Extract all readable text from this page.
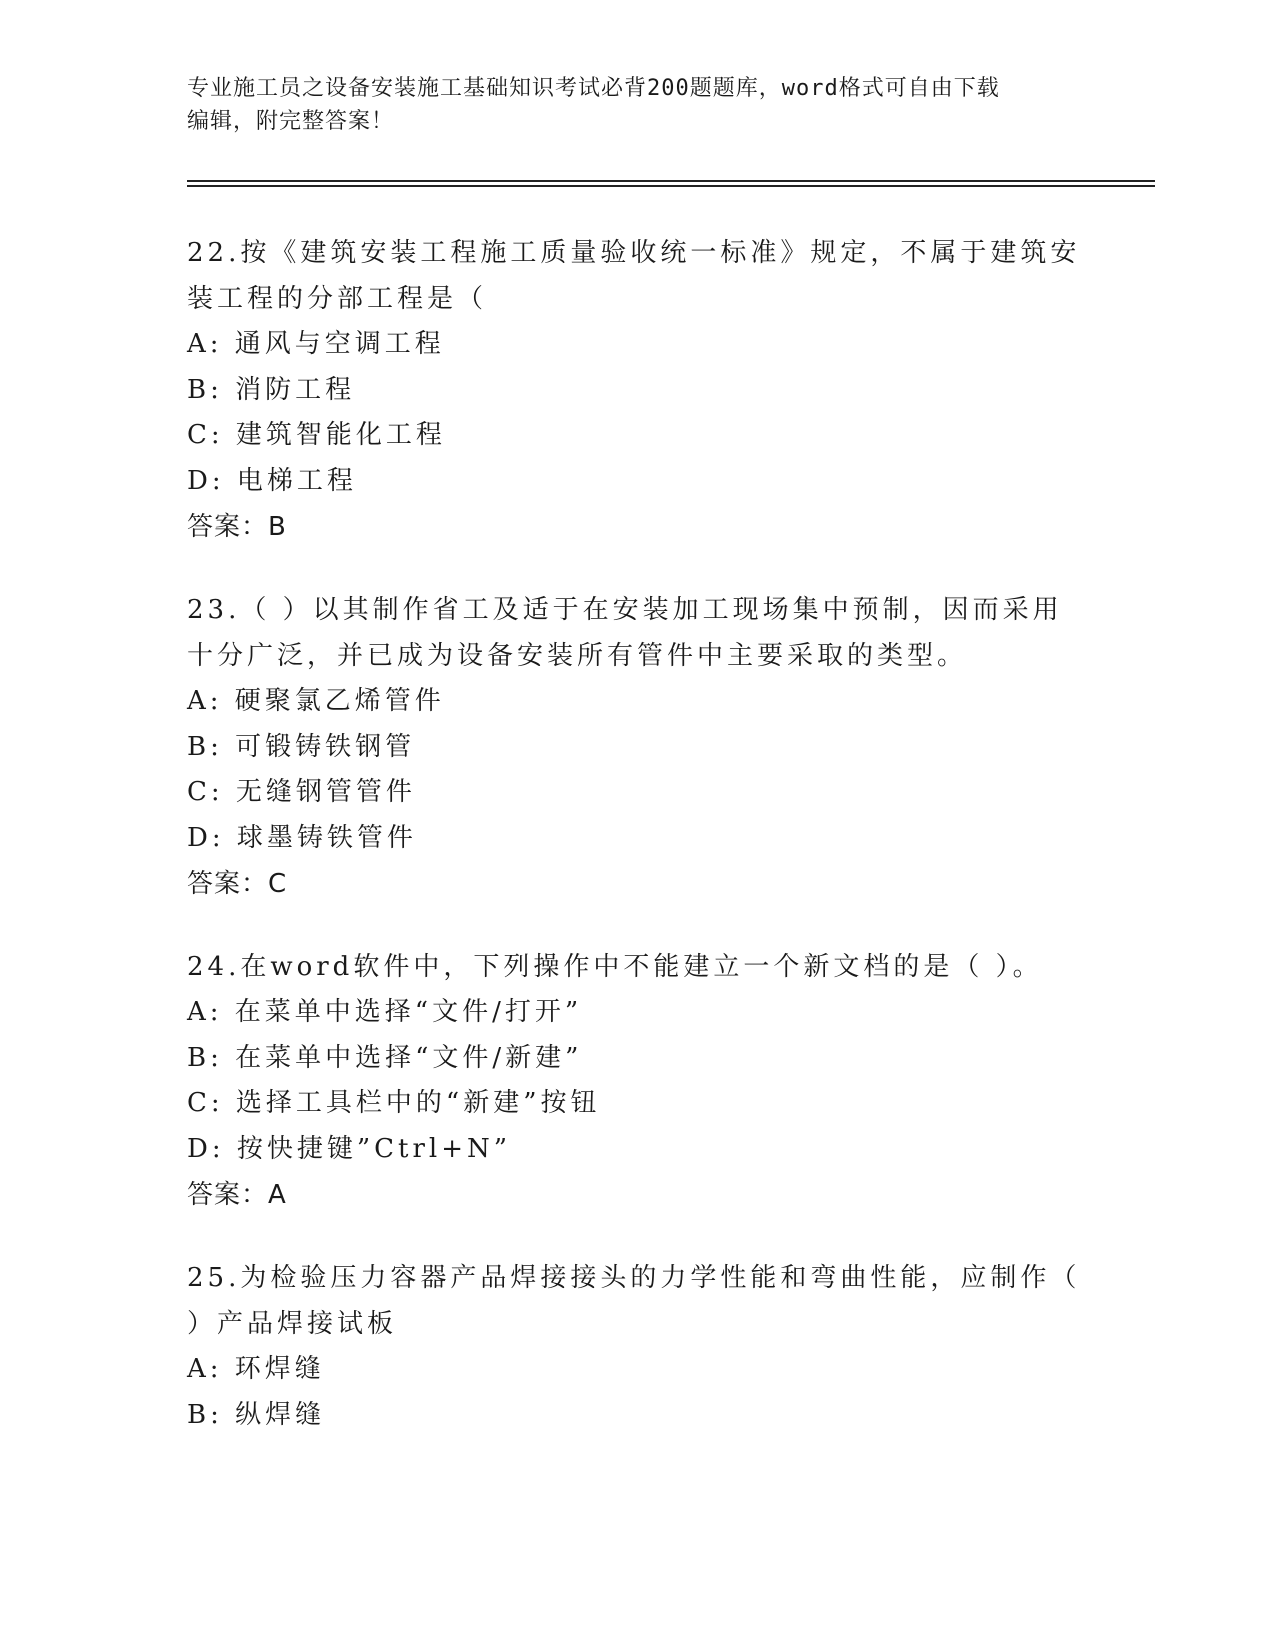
专业施工员之设备安装施工基础知识考试必背200题题库，word格式可自由下载
编辑，附完整答案！
22.按《建筑安装工程施工质量验收统一标准》规定，不属于建筑安装工程的分部工程是（
A: 通风与空调工程
B: 消防工程
C: 建筑智能化工程
D: 电梯工程
答案：B
23.（ ）以其制作省工及适于在安装加工现场集中预制，因而采用十分广泛，并已成为设备安装所有管件中主要采取的类型。
A: 硬聚氯乙烯管件
B: 可锻铸铁钢管
C: 无缝钢管管件
D: 球墨铸铁管件
答案：C
24.在word软件中，下列操作中不能建立一个新文档的是（ ）。
A: 在菜单中选择“文件/打开”
B: 在菜单中选择“文件/新建”
C: 选择工具栏中的“新建”按钮
D: 按快捷键”Ctrl+N”
答案：A
25.为检验压力容器产品焊接接头的力学性能和弯曲性能，应制作（ ）产品焊接试板
A: 环焊缝
B: 纵焊缝
